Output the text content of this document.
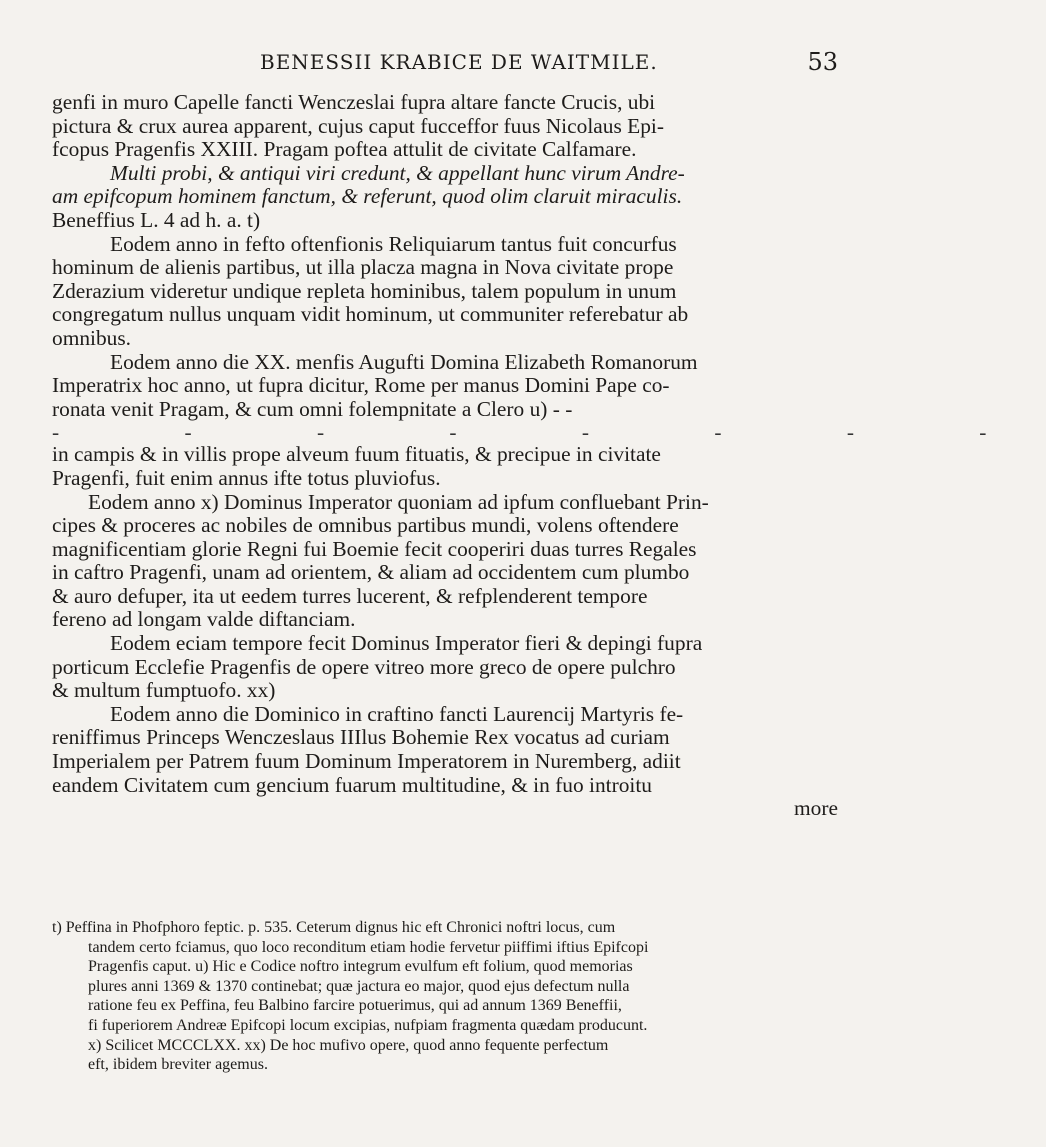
BENESSII KRABICE DE WAITMILE.	53

genfi in muro Capelle fancti Wenczeslai fupra altare fancte Crucis, ubi
pictura & crux aurea apparent, cujus caput fucceffor fuus Nicolaus Epi-
fcopus Pragenfis XXIII. Pragam poftea attulit de civitate Calfamare.

Multi probi, & antiqui viri credunt, & appellant hunc virum Andre-
am epifcopum hominem fanctum, & referunt, quod olim claruit miraculis.
Beneffius L. 4 ad h. a. t)

Eodem anno in fefto oftenfionis Reliquiarum tantus fuit concurfus
hominum de alienis partibus, ut illa placza magna in Nova civitate prope
Zderazium videretur undique repleta hominibus, talem populum in unum
congregatum nullus unquam vidit hominum, ut communiter referebatur ab
omnibus.

Eodem anno die XX. menfis Augufti Domina Elizabeth Romanorum
Imperatrix hoc anno, ut fupra dicitur, Rome per manus Domini Pape co-
ronata venit Pragam, & cum omni folempnitate a Clero u) - -

- - - - - - - -

in campis & in villis prope alveum fuum fituatis, & precipue in civitate
Pragenfi, fuit enim annus ifte totus pluviofus.

Eodem anno x) Dominus Imperator quoniam ad ipfum confluebant Prin-
cipes & proceres ac nobiles de omnibus partibus mundi, volens oftendere
magnificentiam glorie Regni fui Boemie fecit cooperiri duas turres Regales
in caftro Pragenfi, unam ad orientem, & aliam ad occidentem cum plumbo
& auro defuper, ita ut eedem turres lucerent, & refplenderent tempore
fereno ad longam valde diftanciam.

Eodem eciam tempore fecit Dominus Imperator fieri & depingi fupra
porticum Ecclefie Pragenfis de opere vitreo more greco de opere pulchro
& multum fumptuofo. xx)

Eodem anno die Dominico in craftino fancti Laurencij Martyris fe-
reniffimus Princeps Wenczeslaus IIIlus Bohemie Rex vocatus ad curiam
Imperialem per Patrem fuum Dominum Imperatorem in Nuremberg, adiit
eandem Civitatem cum gencium fuarum multitudine, & in fuo introitu

more
t) Peffina in Phofphoro feptic. p. 535. Ceterum dignus hic eft Chronici noftri locus, cum
tandem certo fciamus, quo loco reconditum etiam hodie fervetur piiffimi iftius Epifcopi
Pragenfis caput. u) Hic e Codice noftro integrum evulfum eft folium, quod memorias
plures anni 1369 & 1370 continebat; quæ jactura eo major, quod ejus defectum nulla
ratione feu ex Peffina, feu Balbino farcire potuerimus, qui ad annum 1369 Beneffii,
fi fuperiorem Andreæ Epifcopi locum excipias, nufpiam fragmenta quædam producunt.
x) Scilicet MCCCLXX. xx) De hoc mufivo opere, quod anno fequente perfectum
eft, ibidem breviter agemus.
